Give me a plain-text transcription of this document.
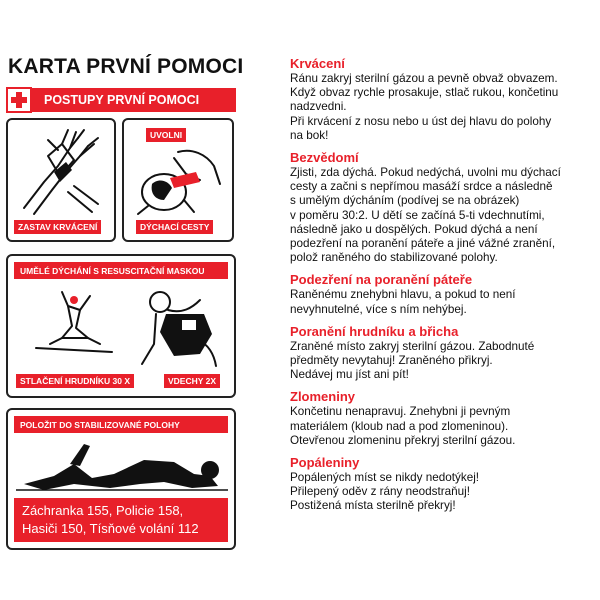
KARTA PRVNÍ POMOCI
POSTUPY PRVNÍ POMOCI
ZASTAV KRVÁCENÍ
UVOLNI
DÝCHACÍ CESTY
UMĚLÉ DÝCHÁNÍ S RESUSCITAČNÍ MASKOU
STLAČENÍ HRUDNÍKU 30 X	VDECHY 2X
POLOŽIT DO STABILIZOVANÉ POLOHY
Záchranka 155, Policie 158,
Hasiči 150, Tísňové volání 112

Krvácení

Ránu zakryj sterilní gázou a pevně obvaž obvazem.
Když obvaz rychle prosakuje, stlač rukou, končetinu
nadzvedni.
Při krvácení z nosu nebo u úst dej hlavu do polohy
na bok!

Bezvědomí

Zjisti, zda dýchá. Pokud nedýchá, uvolni mu dýchací
cesty a začni s nepřímou masáží srdce a následně
s umělým dýcháním (podívej se na obrázek)
v poměru 30:2. U dětí se začíná 5-ti vdechnutími,
následně jako u dospělých. Pokud dýchá a není
podezření na poranění páteře a jiné vážné zranění,
polož raněného do stabilizované polohy.

Podezření na poranění páteře

Raněnému znehybni hlavu, a pokud to není
nevyhnutelné, více s ním nehýbej.

Poranění hrudníku a břicha

Zraněné místo zakryj sterilní gázou. Zabodnuté
předměty nevytahuj! Zraněného přikryj.
Nedávej mu jíst ani pít!

Zlomeniny

Končetinu nenapravuj. Znehybni ji pevným
materiálem (kloub nad a pod zlomeninou).
Otevřenou zlomeninu překryj sterilní gázou.

Popáleniny

Popálených míst se nikdy nedotýkej!
Přilepený oděv z rány neodstraňuj!
Postižená místa sterilně překryj!
